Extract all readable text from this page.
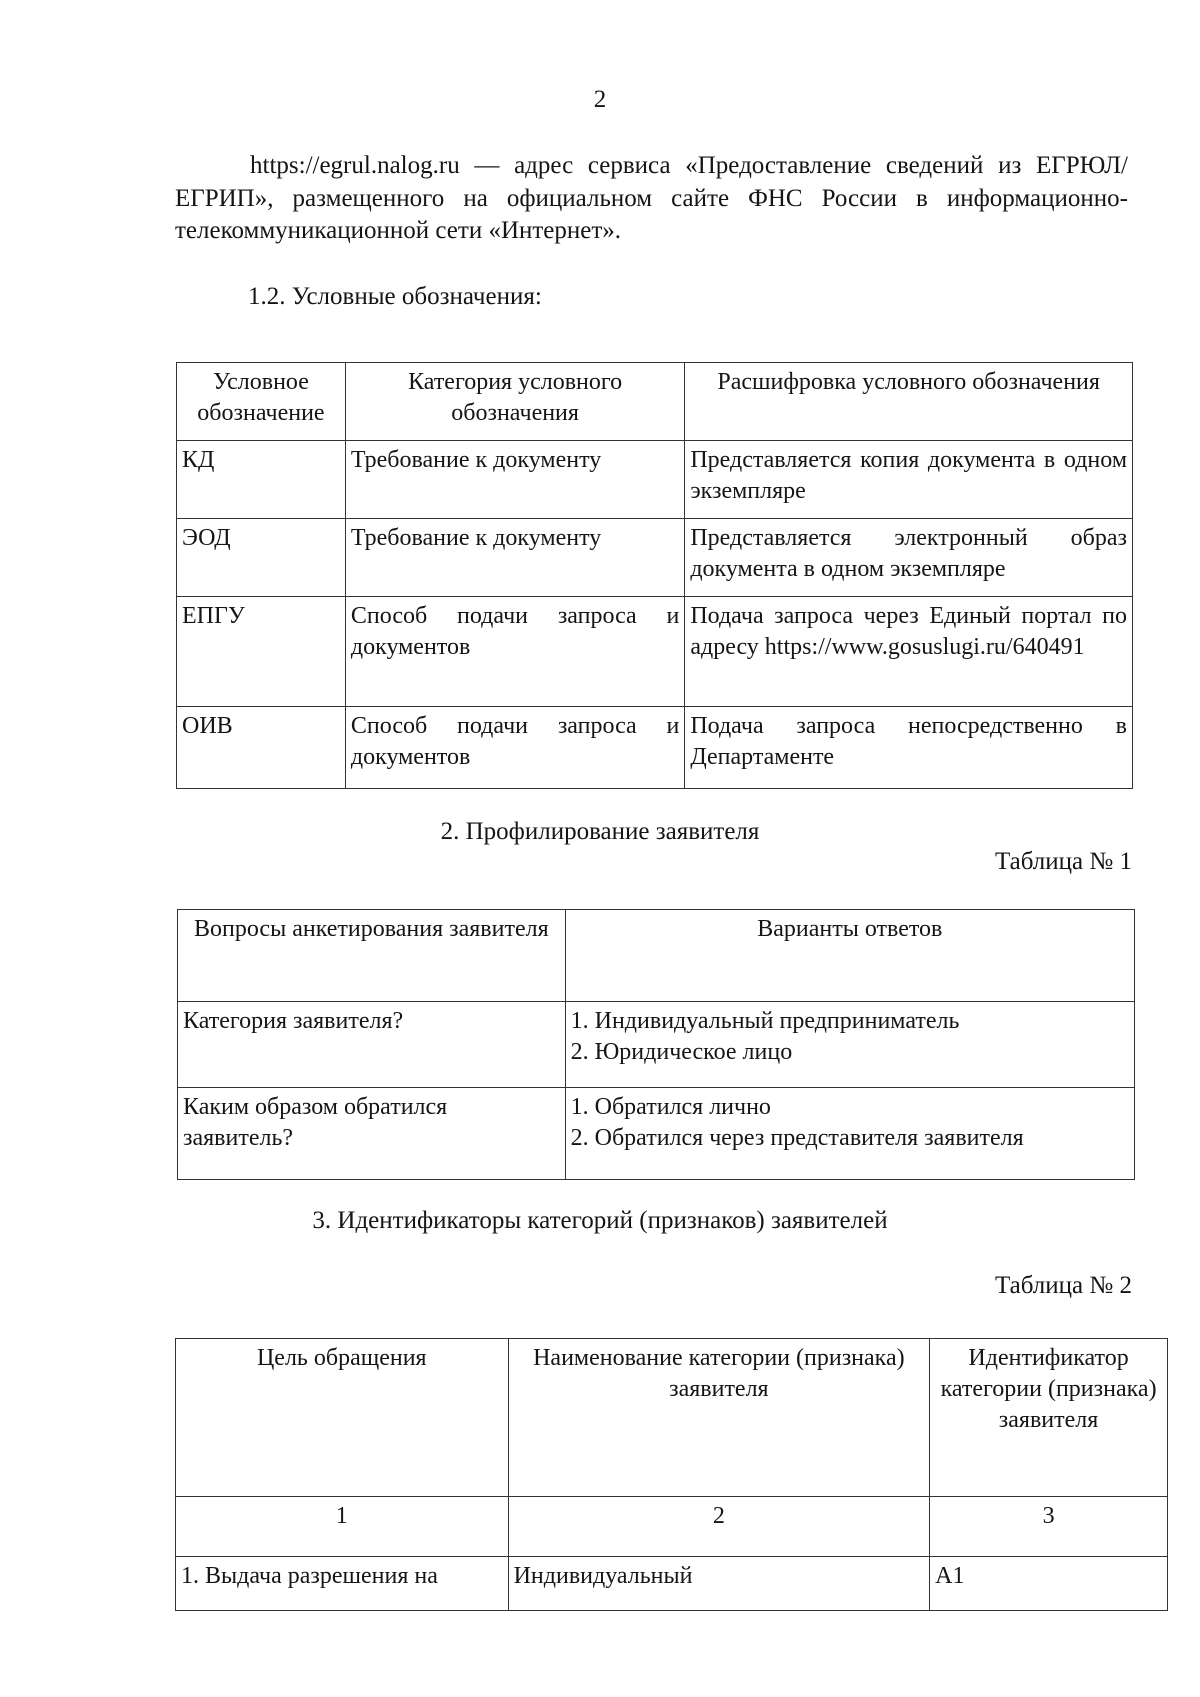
2

https://egrul.nalog.ru — адрес сервиса «Предоставление сведений из ЕГРЮЛ/ЕГРИП», размещенного на официальном сайте ФНС России в информационно-телекоммуникационной сети «Интернет».

1.2. Условные обозначения:
Условное обозначение	Категория условного обозначения	Расшифровка условного обозначения
КД	Требование к документу	Представляется копия документа в одном экземпляре
ЭОД	Требование к документу	Представляется электронный образ документа в одном экземпляре
ЕПГУ	Способ подачи запроса и документов	Подача запроса через Единый портал по адресу https://www.gosuslugi.ru/640491
ОИВ	Способ подачи запроса и документов	Подача запроса непосредственно в Департаменте
2. Профилирование заявителя
Таблица № 1
Вопросы анкетирования заявителя	Варианты ответов
Категория заявителя?	1. Индивидуальный предприниматель
2. Юридическое лицо

Каким образом обратился заявитель?	1. Обратился лично
2. Обратился через представителя заявителя
3. Идентификаторы категорий (признаков) заявителей
Таблица № 2
Цель обращения	Наименование категории (признака) заявителя	Идентификатор категории (признака) заявителя
1	2	3
1. Выдача разрешения на	Индивидуальный	А1
